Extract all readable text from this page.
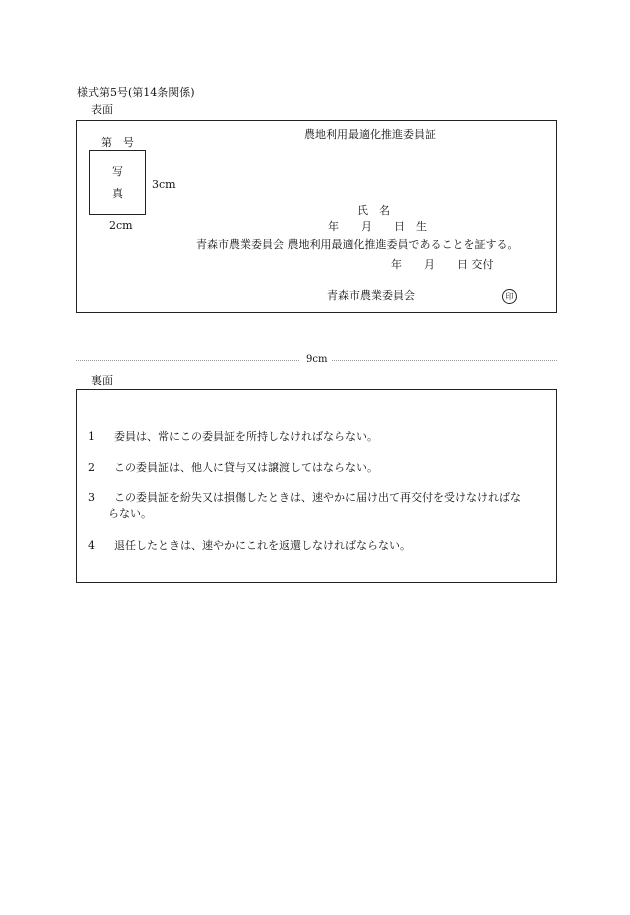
様式第5号(第14条関係)
表面
第　号
農地利用最適化推進委員証
写
真
3cm
2cm
氏　名
年　　月　　日　生
青森市農業委員会 農地利用最適化推進委員であることを証する。
年　　月　　日 交付
青森市農業委員会	印
9cm
裏面
1 委員は、常にこの委員証を所持しなければならない。
2 この委員証は、他人に貸与又は譲渡してはならない。
3 この委員証を紛失又は損傷したときは、速やかに届け出て再交付を受けなければな
らない。
4 退任したときは、速やかにこれを返還しなければならない。
